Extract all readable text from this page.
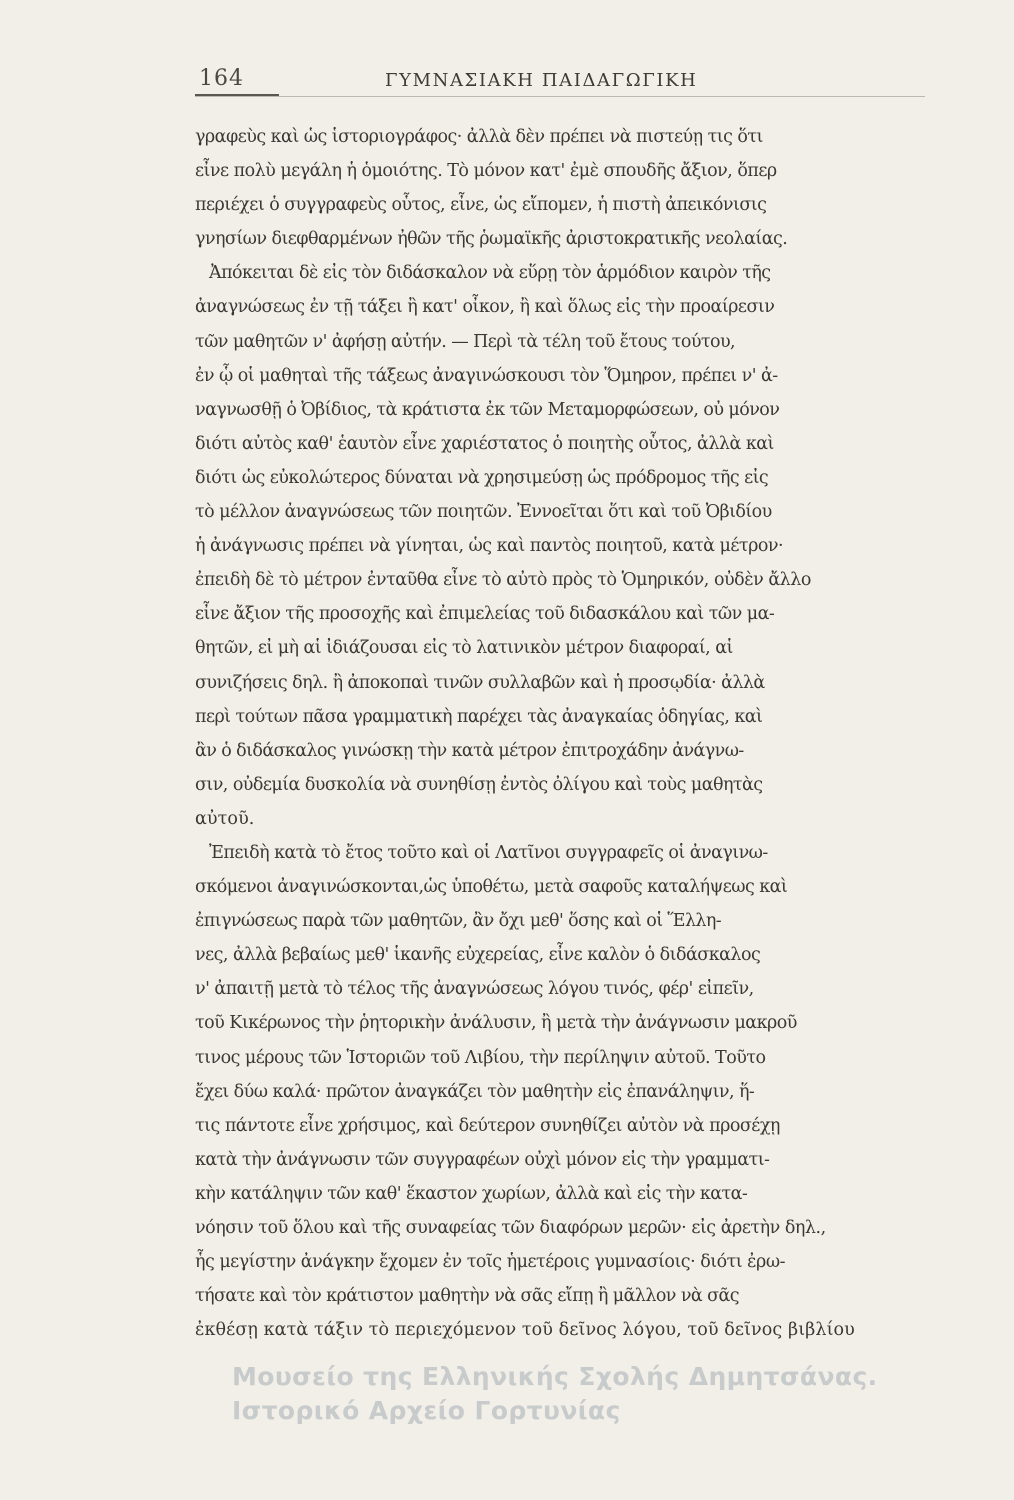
164	ΓΥΜΝΑΣΙΑΚΗ ΠΑΙΔΑΓΩΓΙΚΗ
γραφεὺς καὶ ὡς ἱστοριογράφος· ἀλλὰ δὲν πρέπει νὰ πιστεύῃ τις ὅτι
εἶνε πολὺ μεγάλη ἡ ὁμοιότης. Τὸ μόνον κατ' ἐμὲ σπουδῆς ἄξιον, ὅπερ
περιέχει ὁ συγγραφεὺς οὗτος, εἶνε, ὡς εἴπομεν, ἡ πιστὴ ἀπεικόνισις
γνησίων διεφθαρμένων ἠθῶν τῆς ῥωμαϊκῆς ἀριστοκρατικῆς νεολαίας.
Ἀπόκειται δὲ εἰς τὸν διδάσκαλον νὰ εὕρῃ τὸν ἁρμόδιον καιρὸν τῆς
ἀναγνώσεως ἐν τῇ τάξει ἢ κατ' οἶκον, ἢ καὶ ὅλως εἰς τὴν προαίρεσιν
τῶν μαθητῶν ν' ἀφήσῃ αὐτήν. — Περὶ τὰ τέλη τοῦ ἔτους τούτου,
ἐν ᾧ οἱ μαθηταὶ τῆς τάξεως ἀναγινώσκουσι τὸν Ὅμηρον, πρέπει ν' ἀ-
ναγνωσθῇ ὁ Ὀβίδιος, τὰ κράτιστα ἐκ τῶν Μεταμορφώσεων, οὐ μόνον
διότι αὐτὸς καθ' ἑαυτὸν εἶνε χαριέστατος ὁ ποιητὴς οὗτος, ἀλλὰ καὶ
διότι ὡς εὐκολώτερος δύναται νὰ χρησιμεύσῃ ὡς πρόδρομος τῆς εἰς
τὸ μέλλον ἀναγνώσεως τῶν ποιητῶν. Ἐννοεῖται ὅτι καὶ τοῦ Ὀβιδίου
ἡ ἀνάγνωσις πρέπει νὰ γίνηται, ὡς καὶ παντὸς ποιητοῦ, κατὰ μέτρον·
ἐπειδὴ δὲ τὸ μέτρον ἐνταῦθα εἶνε τὸ αὐτὸ πρὸς τὸ Ὁμηρικόν, οὐδὲν ἄλλο
εἶνε ἄξιον τῆς προσοχῆς καὶ ἐπιμελείας τοῦ διδασκάλου καὶ τῶν μα-
θητῶν, εἰ μὴ αἱ ἰδιάζουσαι εἰς τὸ λατινικὸν μέτρον διαφοραί, αἱ
συνιζήσεις δηλ. ἢ ἀποκοπαὶ τινῶν συλλαβῶν καὶ ἡ προσῳδία· ἀλλὰ
περὶ τούτων πᾶσα γραμματικὴ παρέχει τὰς ἀναγκαίας ὁδηγίας, καὶ
ἂν ὁ διδάσκαλος γινώσκῃ τὴν κατὰ μέτρον ἐπιτροχάδην ἀνάγνω-
σιν, οὐδεμία δυσκολία νὰ συνηθίσῃ ἐντὸς ὀλίγου καὶ τοὺς μαθητὰς
αὐτοῦ.
Ἐπειδὴ κατὰ τὸ ἔτος τοῦτο καὶ οἱ Λατῖνοι συγγραφεῖς οἱ ἀναγινω-
σκόμενοι ἀναγινώσκονται,ὡς ὑποθέτω, μετὰ σαφοῦς καταλήψεως καὶ
ἐπιγνώσεως παρὰ τῶν μαθητῶν, ἂν ὄχι μεθ' ὅσης καὶ οἱ Ἕλλη-
νες, ἀλλὰ βεβαίως μεθ' ἱκανῆς εὐχερείας, εἶνε καλὸν ὁ διδάσκαλος
ν' ἀπαιτῇ μετὰ τὸ τέλος τῆς ἀναγνώσεως λόγου τινός, φέρ' εἰπεῖν,
τοῦ Κικέρωνος τὴν ῥητορικὴν ἀνάλυσιν, ἢ μετὰ τὴν ἀνάγνωσιν μακροῦ
τινος μέρους τῶν Ἱστοριῶν τοῦ Λιβίου, τὴν περίληψιν αὐτοῦ. Τοῦτο
ἔχει δύω καλά· πρῶτον ἀναγκάζει τὸν μαθητὴν εἰς ἐπανάληψιν, ἥ-
τις πάντοτε εἶνε χρήσιμος, καὶ δεύτερον συνηθίζει αὐτὸν νὰ προσέχῃ
κατὰ τὴν ἀνάγνωσιν τῶν συγγραφέων οὐχὶ μόνον εἰς τὴν γραμματι-
κὴν κατάληψιν τῶν καθ' ἕκαστον χωρίων, ἀλλὰ καὶ εἰς τὴν κατα-
νόησιν τοῦ ὅλου καὶ τῆς συναφείας τῶν διαφόρων μερῶν· εἰς ἀρετὴν δηλ.,
ἧς μεγίστην ἀνάγκην ἔχομεν ἐν τοῖς ἡμετέροις γυμνασίοις· διότι ἐρω-
τήσατε καὶ τὸν κράτιστον μαθητὴν νὰ σᾶς εἴπῃ ἢ μᾶλλον νὰ σᾶς
ἐκθέσῃ κατὰ τάξιν τὸ περιεχόμενον τοῦ δεῖνος λόγου, τοῦ δεῖνος βιβλίου
Μουσείο της Ελληνικής Σχολής Δημητσάνας.
Ιστορικό Αρχείο Γορτυνίας
